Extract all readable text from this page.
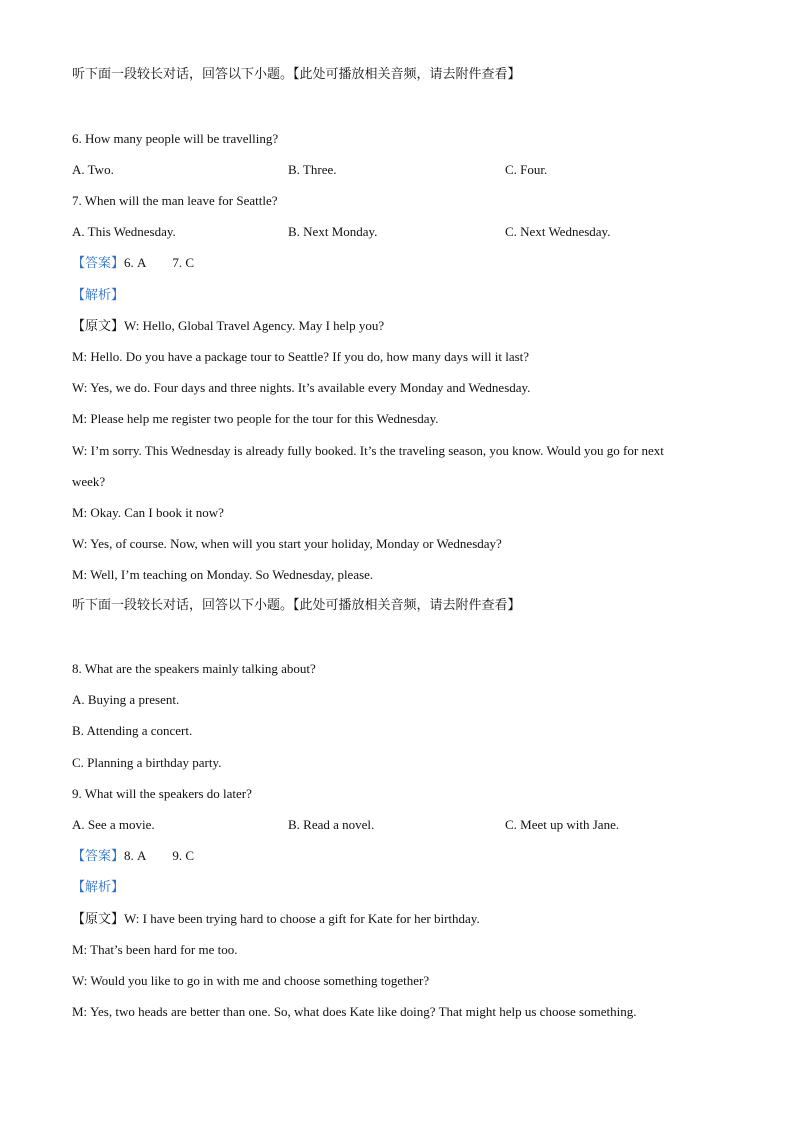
听下面一段较长对话，回答以下小题。【此处可播放相关音频，请去附件查看】
6. How many people will be travelling?
A. Two.	B. Three.	C. Four.
7. When will the man leave for Seattle?
A. This Wednesday.	B. Next Monday.	C. Next Wednesday.
【答案】6. A 7. C
【解析】
【原文】W: Hello, Global Travel Agency. May I help you?
M: Hello. Do you have a package tour to Seattle? If you do, how many days will it last?
W: Yes, we do. Four days and three nights. It’s available every Monday and Wednesday.
M: Please help me register two people for the tour for this Wednesday.
W: I’m sorry. This Wednesday is already fully booked. It’s the traveling season, you know. Would you go for next
week?
M: Okay. Can I book it now?
W: Yes, of course. Now, when will you start your holiday, Monday or Wednesday?
M: Well, I’m teaching on Monday. So Wednesday, please.
听下面一段较长对话，回答以下小题。【此处可播放相关音频，请去附件查看】
8. What are the speakers mainly talking about?
A. Buying a present.
B. Attending a concert.
C. Planning a birthday party.
9. What will the speakers do later?
A. See a movie.	B. Read a novel.	C. Meet up with Jane.
【答案】8. A 9. C
【解析】
【原文】W: I have been trying hard to choose a gift for Kate for her birthday.
M: That’s been hard for me too.
W: Would you like to go in with me and choose something together?
M: Yes, two heads are better than one. So, what does Kate like doing? That might help us choose something.
